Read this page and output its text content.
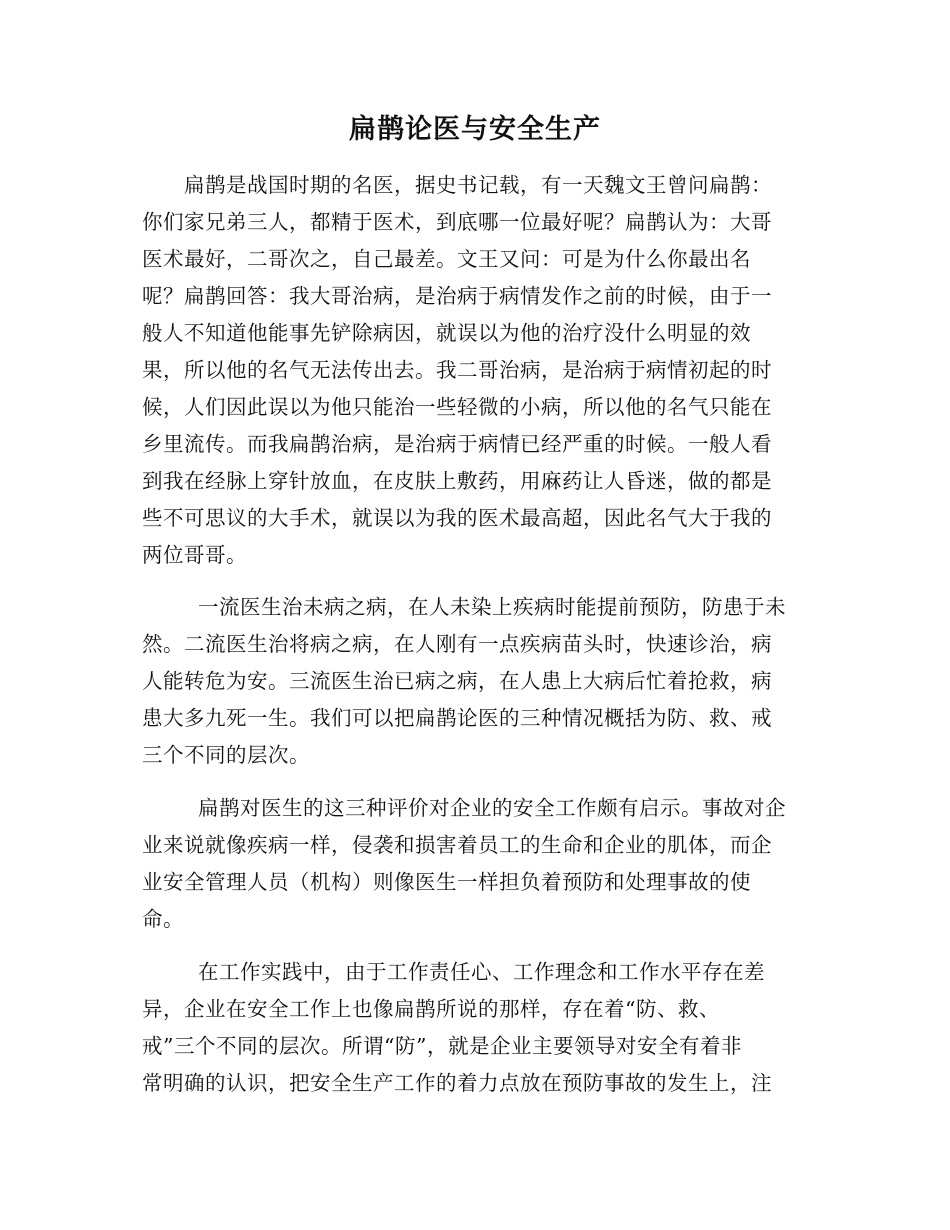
扁鹊论医与安全生产
扁鹊是战国时期的名医，据史书记载，有一天魏文王曾问扁鹊：
你们家兄弟三人，都精于医术，到底哪一位最好呢？扁鹊认为：大哥
医术最好，二哥次之，自己最差。文王又问：可是为什么你最出名
呢？扁鹊回答：我大哥治病，是治病于病情发作之前的时候，由于一
般人不知道他能事先铲除病因，就误以为他的治疗没什么明显的效
果，所以他的名气无法传出去。我二哥治病，是治病于病情初起的时
候，人们因此误以为他只能治一些轻微的小病，所以他的名气只能在
乡里流传。而我扁鹊治病，是治病于病情已经严重的时候。一般人看
到我在经脉上穿针放血，在皮肤上敷药，用麻药让人昏迷，做的都是
些不可思议的大手术，就误以为我的医术最高超，因此名气大于我的
两位哥哥。
一流医生治未病之病，在人未染上疾病时能提前预防，防患于未
然。二流医生治将病之病，在人刚有一点疾病苗头时，快速诊治，病
人能转危为安。三流医生治已病之病，在人患上大病后忙着抢救，病
患大多九死一生。我们可以把扁鹊论医的三种情况概括为防、救、戒
三个不同的层次。
扁鹊对医生的这三种评价对企业的安全工作颇有启示。事故对企
业来说就像疾病一样，侵袭和损害着员工的生命和企业的肌体，而企
业安全管理人员（机构）则像医生一样担负着预防和处理事故的使
命。
在工作实践中，由于工作责任心、工作理念和工作水平存在差
异，企业在安全工作上也像扁鹊所说的那样，存在着“防、救、
戒”三个不同的层次。所谓“防”，就是企业主要领导对安全有着非
常明确的认识，把安全生产工作的着力点放在预防事故的发生上，注
